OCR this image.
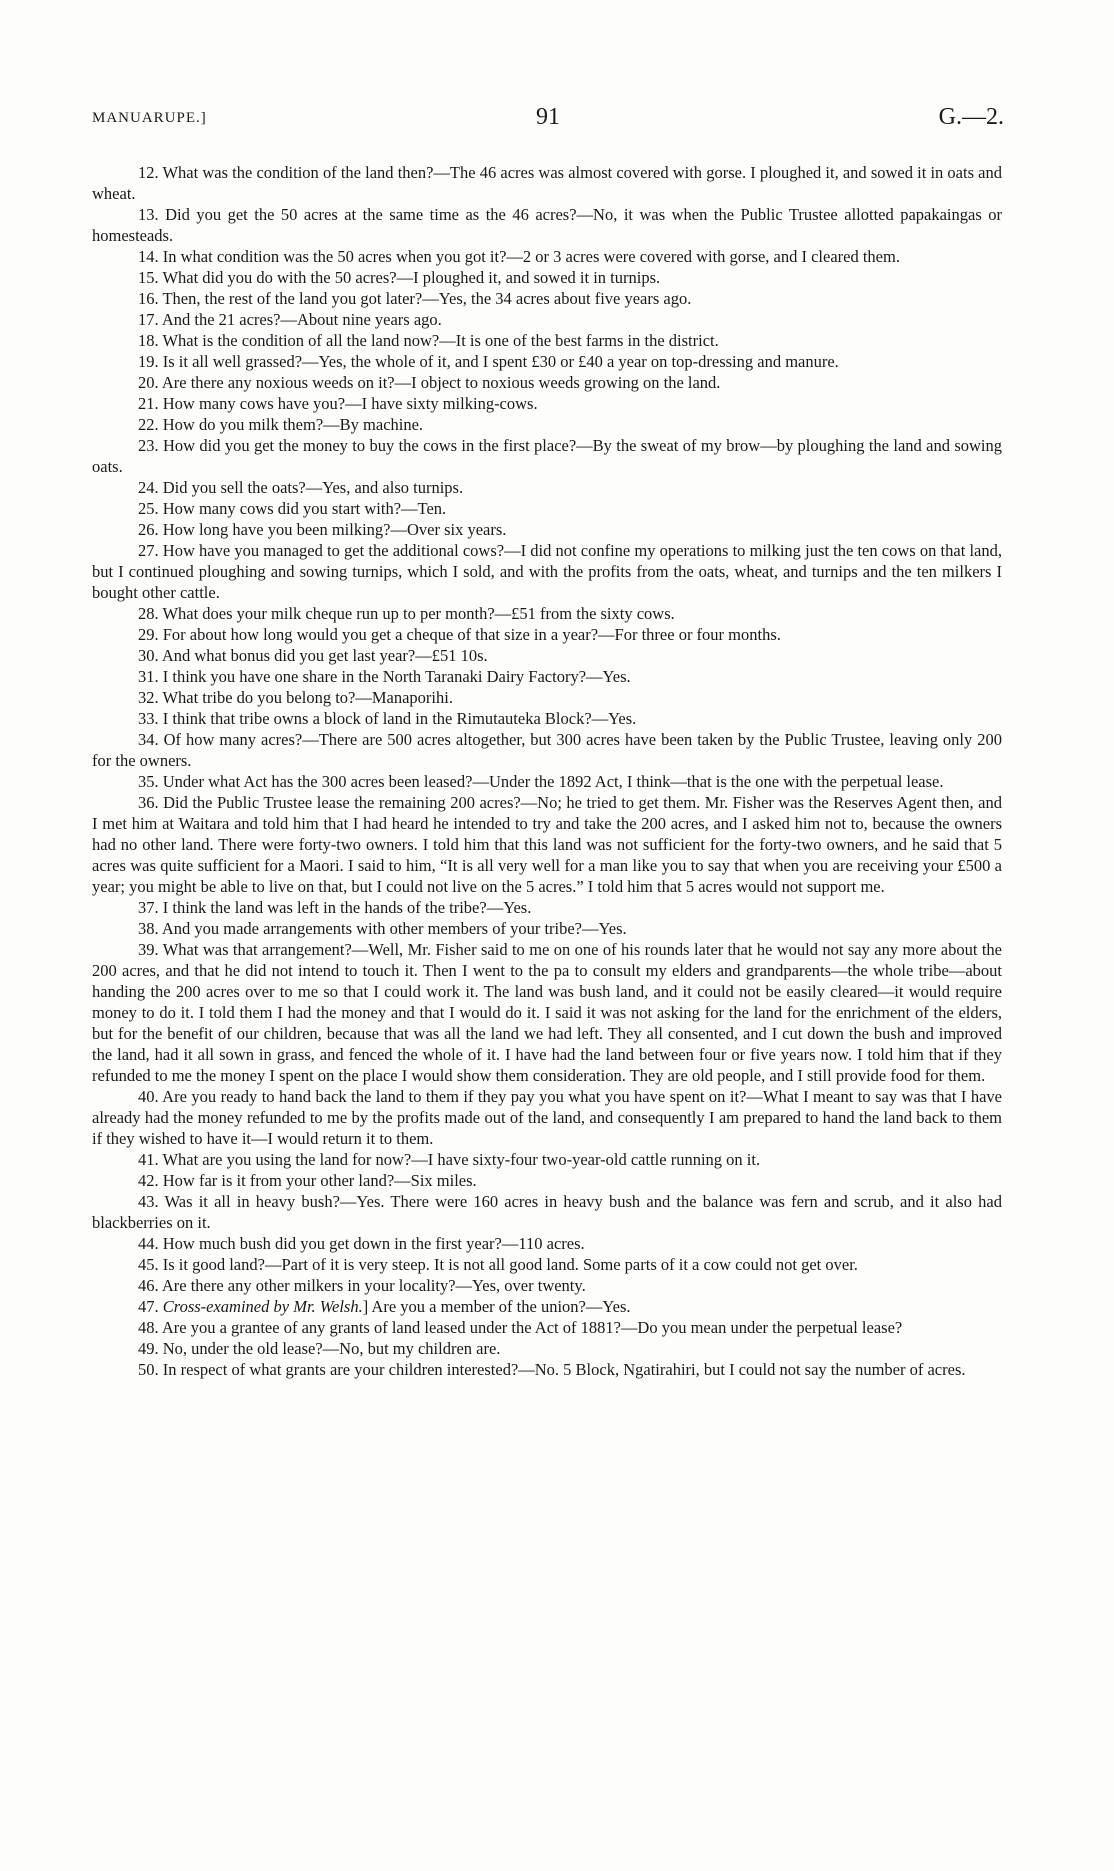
MANUARUPE.]	91	G.—2.

12. What was the condition of the land then?—The 46 acres was almost covered with gorse. I ploughed it, and sowed it in oats and wheat.

13. Did you get the 50 acres at the same time as the 46 acres?—No, it was when the Public Trustee allotted papakaingas or homesteads.

14. In what condition was the 50 acres when you got it?—2 or 3 acres were covered with gorse, and I cleared them.

15. What did you do with the 50 acres?—I ploughed it, and sowed it in turnips.

16. Then, the rest of the land you got later?—Yes, the 34 acres about five years ago.

17. And the 21 acres?—About nine years ago.

18. What is the condition of all the land now?—It is one of the best farms in the district.

19. Is it all well grassed?—Yes, the whole of it, and I spent £30 or £40 a year on top-dressing and manure.

20. Are there any noxious weeds on it?—I object to noxious weeds growing on the land.

21. How many cows have you?—I have sixty milking-cows.

22. How do you milk them?—By machine.

23. How did you get the money to buy the cows in the first place?—By the sweat of my brow—by ploughing the land and sowing oats.

24. Did you sell the oats?—Yes, and also turnips.

25. How many cows did you start with?—Ten.

26. How long have you been milking?—Over six years.

27. How have you managed to get the additional cows?—I did not confine my operations to milking just the ten cows on that land, but I continued ploughing and sowing turnips, which I sold, and with the profits from the oats, wheat, and turnips and the ten milkers I bought other cattle.

28. What does your milk cheque run up to per month?—£51 from the sixty cows.

29. For about how long would you get a cheque of that size in a year?—For three or four months.

30. And what bonus did you get last year?—£51 10s.

31. I think you have one share in the North Taranaki Dairy Factory?—Yes.

32. What tribe do you belong to?—Manaporihi.

33. I think that tribe owns a block of land in the Rimutauteka Block?—Yes.

34. Of how many acres?—There are 500 acres altogether, but 300 acres have been taken by the Public Trustee, leaving only 200 for the owners.

35. Under what Act has the 300 acres been leased?—Under the 1892 Act, I think—that is the one with the perpetual lease.

36. Did the Public Trustee lease the remaining 200 acres?—No; he tried to get them. Mr. Fisher was the Reserves Agent then, and I met him at Waitara and told him that I had heard he intended to try and take the 200 acres, and I asked him not to, because the owners had no other land. There were forty-two owners. I told him that this land was not sufficient for the forty-two owners, and he said that 5 acres was quite sufficient for a Maori. I said to him, “It is all very well for a man like you to say that when you are receiving your £500 a year; you might be able to live on that, but I could not live on the 5 acres.” I told him that 5 acres would not support me.

37. I think the land was left in the hands of the tribe?—Yes.

38. And you made arrangements with other members of your tribe?—Yes.

39. What was that arrangement?—Well, Mr. Fisher said to me on one of his rounds later that he would not say any more about the 200 acres, and that he did not intend to touch it. Then I went to the pa to consult my elders and grandparents—the whole tribe—about handing the 200 acres over to me so that I could work it. The land was bush land, and it could not be easily cleared—it would require money to do it. I told them I had the money and that I would do it. I said it was not asking for the land for the enrichment of the elders, but for the benefit of our children, because that was all the land we had left. They all consented, and I cut down the bush and improved the land, had it all sown in grass, and fenced the whole of it. I have had the land between four or five years now. I told him that if they refunded to me the money I spent on the place I would show them consideration. They are old people, and I still provide food for them.

40. Are you ready to hand back the land to them if they pay you what you have spent on it?—What I meant to say was that I have already had the money refunded to me by the profits made out of the land, and consequently I am prepared to hand the land back to them if they wished to have it—I would return it to them.

41. What are you using the land for now?—I have sixty-four two-year-old cattle running on it.

42. How far is it from your other land?—Six miles.

43. Was it all in heavy bush?—Yes. There were 160 acres in heavy bush and the balance was fern and scrub, and it also had blackberries on it.

44. How much bush did you get down in the first year?—110 acres.

45. Is it good land?—Part of it is very steep. It is not all good land. Some parts of it a cow could not get over.

46. Are there any other milkers in your locality?—Yes, over twenty.

47. Cross-examined by Mr. Welsh.] Are you a member of the union?—Yes.

48. Are you a grantee of any grants of land leased under the Act of 1881?—Do you mean under the perpetual lease?

49. No, under the old lease?—No, but my children are.

50. In respect of what grants are your children interested?—No. 5 Block, Ngatirahiri, but I could not say the number of acres.
